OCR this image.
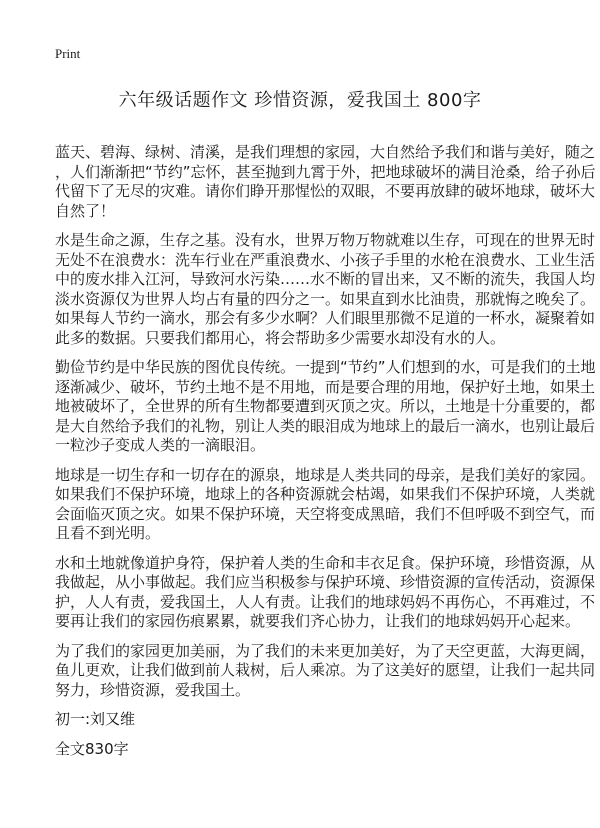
Print
六年级话题作文 珍惜资源，爱我国土 800字
蓝天、碧海、绿树、清溪，是我们理想的家园，大自然给予我们和谐与美好，随之
，人们渐渐把“节约”忘怀，甚至抛到九霄于外，把地球破坏的满目沧桑，给子孙后
代留下了无尽的灾难。请你们睁开那惺忪的双眼，不要再放肆的破坏地球，破坏大
自然了！
水是生命之源，生存之基。没有水，世界万物万物就难以生存，可现在的世界无时
无处不在浪费水：洗车行业在严重浪费水、小孩子手里的水枪在浪费水、工业生活
中的废水排入江河，导致河水污染……水不断的冒出来，又不断的流失，我国人均
淡水资源仅为世界人均占有量的四分之一。如果直到水比油贵，那就悔之晚矣了。
如果每人节约一滴水，那会有多少水啊？人们眼里那微不足道的一杯水，凝聚着如
此多的数据。只要我们都用心，将会帮助多少需要水却没有水的人。
勤俭节约是中华民族的图优良传统。一提到“节约”人们想到的水，可是我们的土地
逐渐减少、破坏，节约土地不是不用地，而是要合理的用地，保护好土地，如果土
地被破坏了，全世界的所有生物都要遭到灭顶之灾。所以，土地是十分重要的，都
是大自然给予我们的礼物，别让人类的眼泪成为地球上的最后一滴水，也别让最后
一粒沙子变成人类的一滴眼泪。
地球是一切生存和一切存在的源泉，地球是人类共同的母亲，是我们美好的家园。
如果我们不保护环境，地球上的各种资源就会枯竭，如果我们不保护环境，人类就
会面临灭顶之灾。如果不保护环境，天空将变成黑暗，我们不但呼吸不到空气，而
且看不到光明。
水和土地就像道护身符，保护着人类的生命和丰衣足食。保护环境，珍惜资源，从
我做起，从小事做起。我们应当积极参与保护环境、珍惜资源的宣传活动，资源保
护，人人有责，爱我国土，人人有责。让我们的地球妈妈不再伤心，不再难过，不
要再让我们的家园伤痕累累，就要我们齐心协力，让我们的地球妈妈开心起来。
为了我们的家园更加美丽，为了我们的未来更加美好，为了天空更蓝，大海更阔，
鱼儿更欢，让我们做到前人栽树，后人乘凉。为了这美好的愿望，让我们一起共同
努力，珍惜资源，爱我国土。
初一:刘又维
全文830字
